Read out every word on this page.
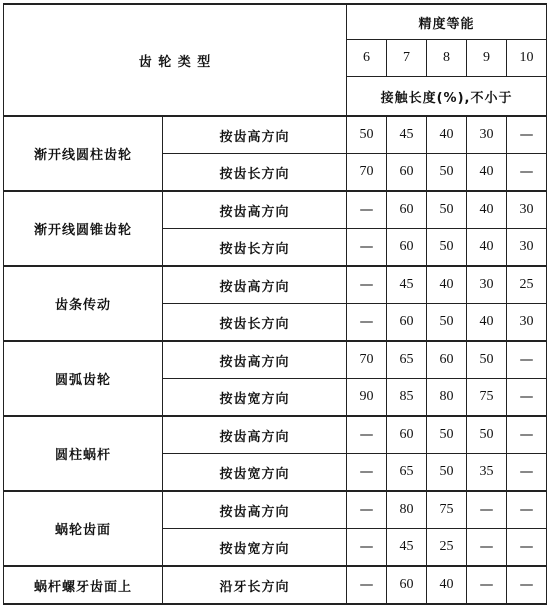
齿 轮 类 型		精度等能				
		6	7	8	9	10
		接触长度(%),不小于				
渐开线圆柱齿轮	按齿高方向	50	45	40	30	—
	按齿长方向	70	60	50	40	—
渐开线圆锥齿轮	按齿高方向	—	60	50	40	30
	按齿长方向	—	60	50	40	30
齿条传动	按齿高方向	—	45	40	30	25
	按齿长方向	—	60	50	40	30
圆弧齿轮	按齿高方向	70	65	60	50	—
	按齿宽方向	90	85	80	75	—
圆柱蜗杆	按齿高方向	—	60	50	50	—
	按齿宽方向	—	65	50	35	—
蜗轮齿面	按齿高方向	—	80	75	—	—
	按齿宽方向	—	45	25	—	—
蜗杆螺牙齿面上	沿牙长方向	—	60	40	—	—
